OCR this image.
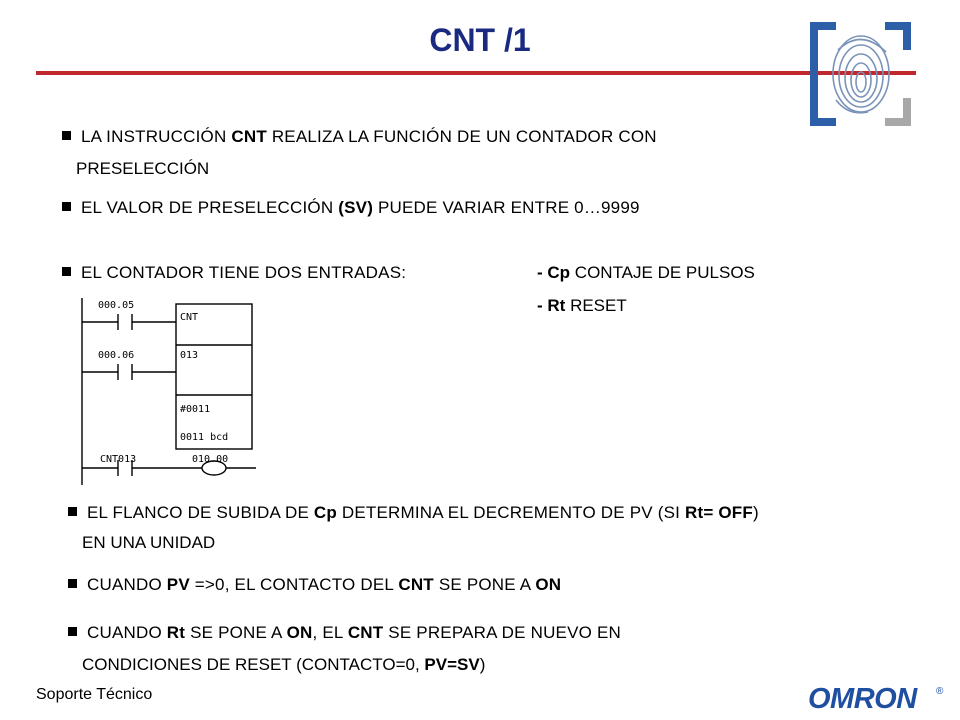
CNT /1
LA INSTRUCCIÓN CNT REALIZA LA FUNCIÓN DE UN CONTADOR CON
PRESELECCIÓN
EL VALOR DE PRESELECCIÓN (SV) PUEDE VARIAR ENTRE 0…9999
EL CONTADOR TIENE DOS ENTRADAS:	- Cp CONTAJE DE PULSOS
- Rt RESET
000.05
000.06
CNT
013
#0011
0011 bcd
CNT013	010.00
EL FLANCO DE SUBIDA DE Cp DETERMINA EL DECREMENTO DE PV (SI Rt= OFF)
EN UNA UNIDAD
CUANDO PV =>0, EL CONTACTO DEL CNT SE PONE A ON
CUANDO Rt SE PONE A ON, EL CNT SE PREPARA DE NUEVO EN
CONDICIONES DE RESET (CONTACTO=0, PV=SV)
Soporte Técnico	OMRON ®
